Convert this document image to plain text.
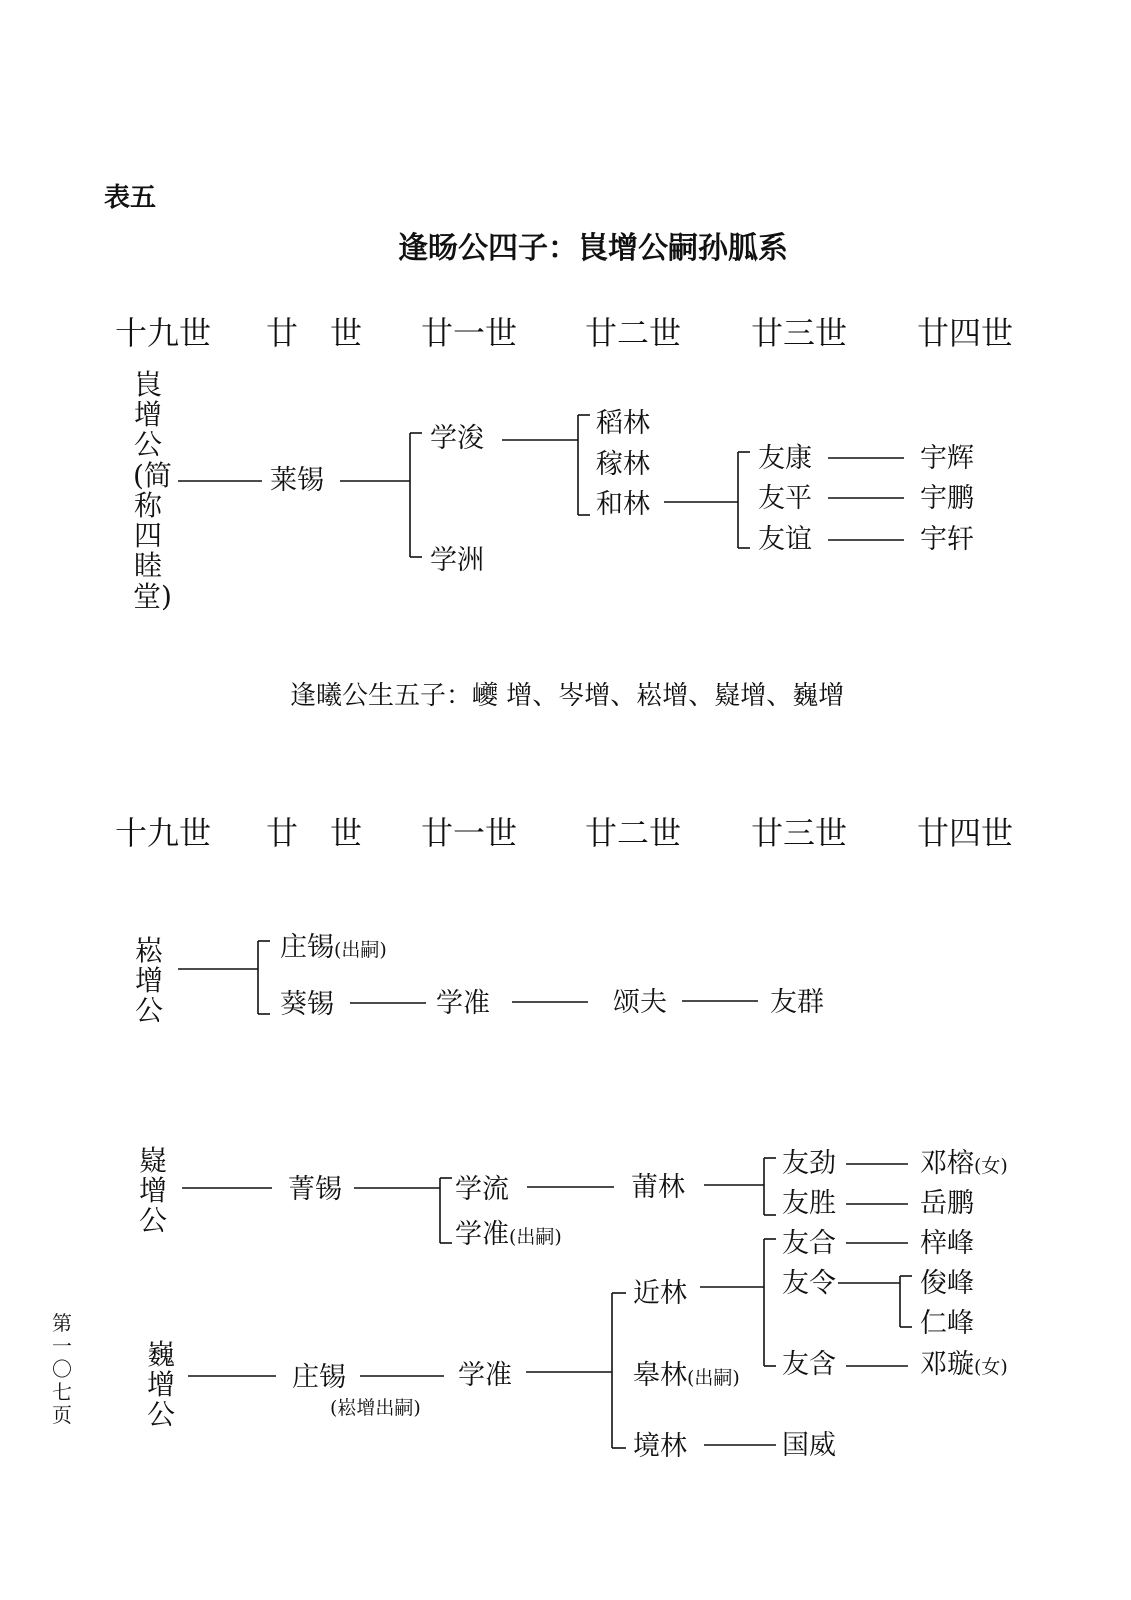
表五
逢旸公四子：峎增公嗣孙胍系
十九世 廿　世 廿一世 廿二世 廿三世 廿四世
峎增公(简称四睦堂)
莱锡
学浚
学洲
稻林
稼林
和林
友康
友平
友谊
宇辉
宇鹏
宇轩
逢曦公生五子：巙 增、岑增、崧增、嶷增、巍增
十九世 廿　世 廿一世 廿二世 廿三世 廿四世
崧增公
庄锡(出嗣)
葵锡	学准	颂夫	友群
嶷增公
菁锡	学流
学准(出嗣)
莆林
友劲
友胜
邓榕(女)
岳鹏
巍增公
庄锡
(崧增出嗣)
学准
近林
皋林(出嗣)
境林
友合
友令
友含
国威
梓峰
俊峰
仁峰
邓璇(女)
第一〇七页
